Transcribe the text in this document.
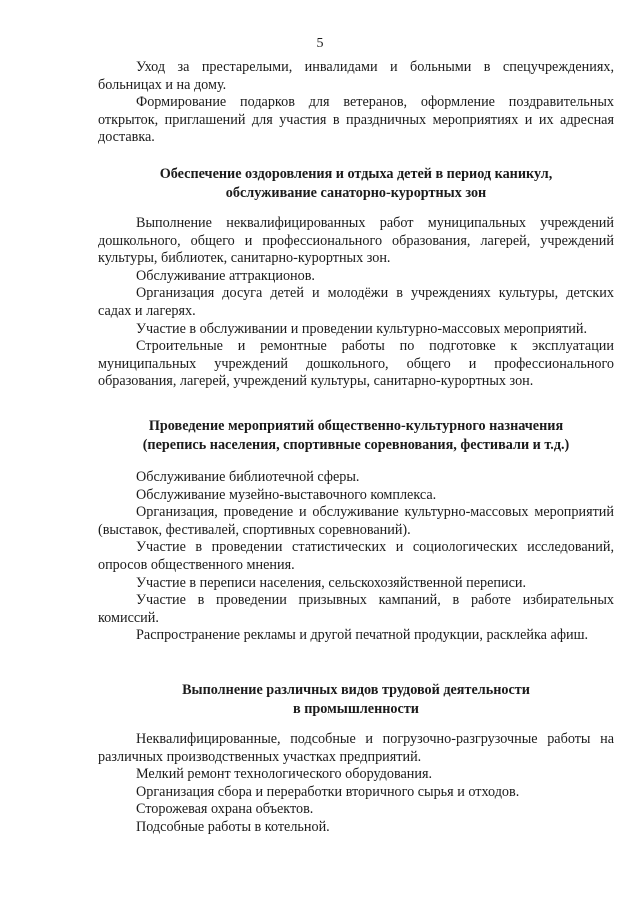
5

Уход за престарелыми, инвалидами и больными в спецучреждениях, больницах и на дому.

Формирование подарков для ветеранов, оформление поздравительных открыток, приглашений для участия в праздничных мероприятиях и их адресная доставка.

Обеспечение оздоровления и отдыха детей в период каникул,

обслуживание санаторно-курортных зон

Выполнение неквалифицированных работ муниципальных учреждений дошкольного, общего и профессионального образования, лагерей, учреждений культуры, библиотек, санитарно-курортных зон.

Обслуживание аттракционов.

Организация досуга детей и молодёжи в учреждениях культуры, детских садах и лагерях.

Участие в обслуживании и проведении культурно-массовых мероприятий.

Строительные и ремонтные работы по подготовке к эксплуатации муниципальных учреждений дошкольного, общего и профессионального образования, лагерей, учреждений культуры, санитарно-курортных зон.

Проведение мероприятий общественно-культурного назначения

(перепись населения, спортивные соревнования, фестивали и т.д.)

Обслуживание библиотечной сферы.

Обслуживание музейно-выставочного комплекса.

Организация, проведение и обслуживание культурно-массовых мероприятий (выставок, фестивалей, спортивных соревнований).

Участие в проведении статистических и социологических исследований, опросов общественного мнения.

Участие в переписи населения, сельскохозяйственной переписи.

Участие в проведении призывных кампаний, в работе избирательных комиссий.

Распространение рекламы и другой печатной продукции, расклейка афиш.

Выполнение различных видов трудовой деятельности

в промышленности

Неквалифицированные, подсобные и погрузочно-разгрузочные работы на различных производственных участках предприятий.

Мелкий ремонт технологического оборудования.

Организация сбора и переработки вторичного сырья и отходов.

Сторожевая охрана объектов.

Подсобные работы в котельной.
